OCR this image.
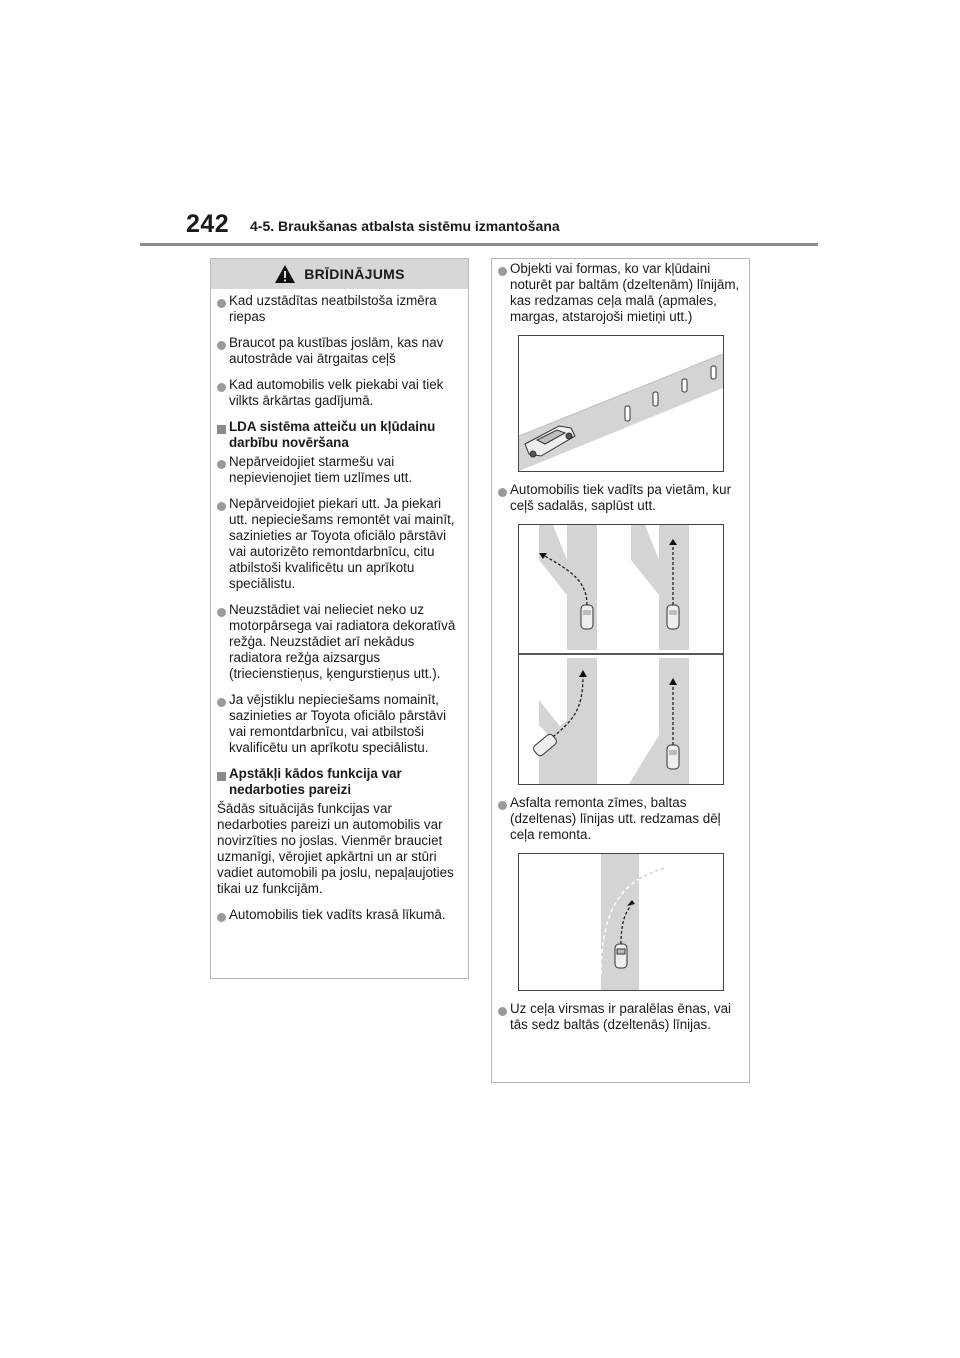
242 4-5. Braukšanas atbalsta sistēmu izmantošana
BRĪDINĀJUMS
Kad uzstādītas neatbilstoša izmēra riepas
Braucot pa kustības joslām, kas nav autostrāde vai ātrgaitas ceļš
Kad automobilis velk piekabi vai tiek vilkts ārkārtas gadījumā.
LDA sistēma atteiču un kļūdainu darbību novēršana
Nepārveidojiet starmešu vai nepievienojiet tiem uzlīmes utt.
Nepārveidojiet piekari utt. Ja piekari utt. nepieciešams remontēt vai mainīt, sazinieties ar Toyota oficiālo pārstāvi vai autorizēto remontdarbnīcu, citu atbilstoši kvalificētu un aprīkotu speciālistu.
Neuzstādiet vai nelieciet neko uz motorpārsega vai radiatora dekoratīvā režģa. Neuzstādiet arī nekādus radiatora režģa aizsargus (triecienstieņus, ķengurstieņus utt.).
Ja vējstiklu nepieciešams nomainīt, sazinieties ar Toyota oficiālo pārstāvi vai remontdarbnīcu, vai atbilstoši kvalificētu un aprīkotu speciālistu.
Apstākļi kādos funkcija var nedarboties pareizi
Šādās situācijās funkcijas var nedarboties pareizi un automobilis var novirzīties no joslas. Vienmēr brauciet uzmanīgi, vērojiet apkārtni un ar stūri vadiet automobili pa joslu, nepaļaujoties tikai uz funkcijām.
Automobilis tiek vadīts krasā līkumā.
Objekti vai formas, ko var kļūdaini noturēt par baltām (dzeltenām) līnijām, kas redzamas ceļa malā (apmales, margas, atstarojoši mietiņi utt.)
Automobilis tiek vadīts pa vietām, kur ceļš sadalās, saplūst utt.
Asfalta remonta zīmes, baltas (dzeltenas) līnijas utt. redzamas dēļ ceļa remonta.
Uz ceļa virsmas ir paralēlas ēnas, vai tās sedz baltās (dzeltenās) līnijas.
